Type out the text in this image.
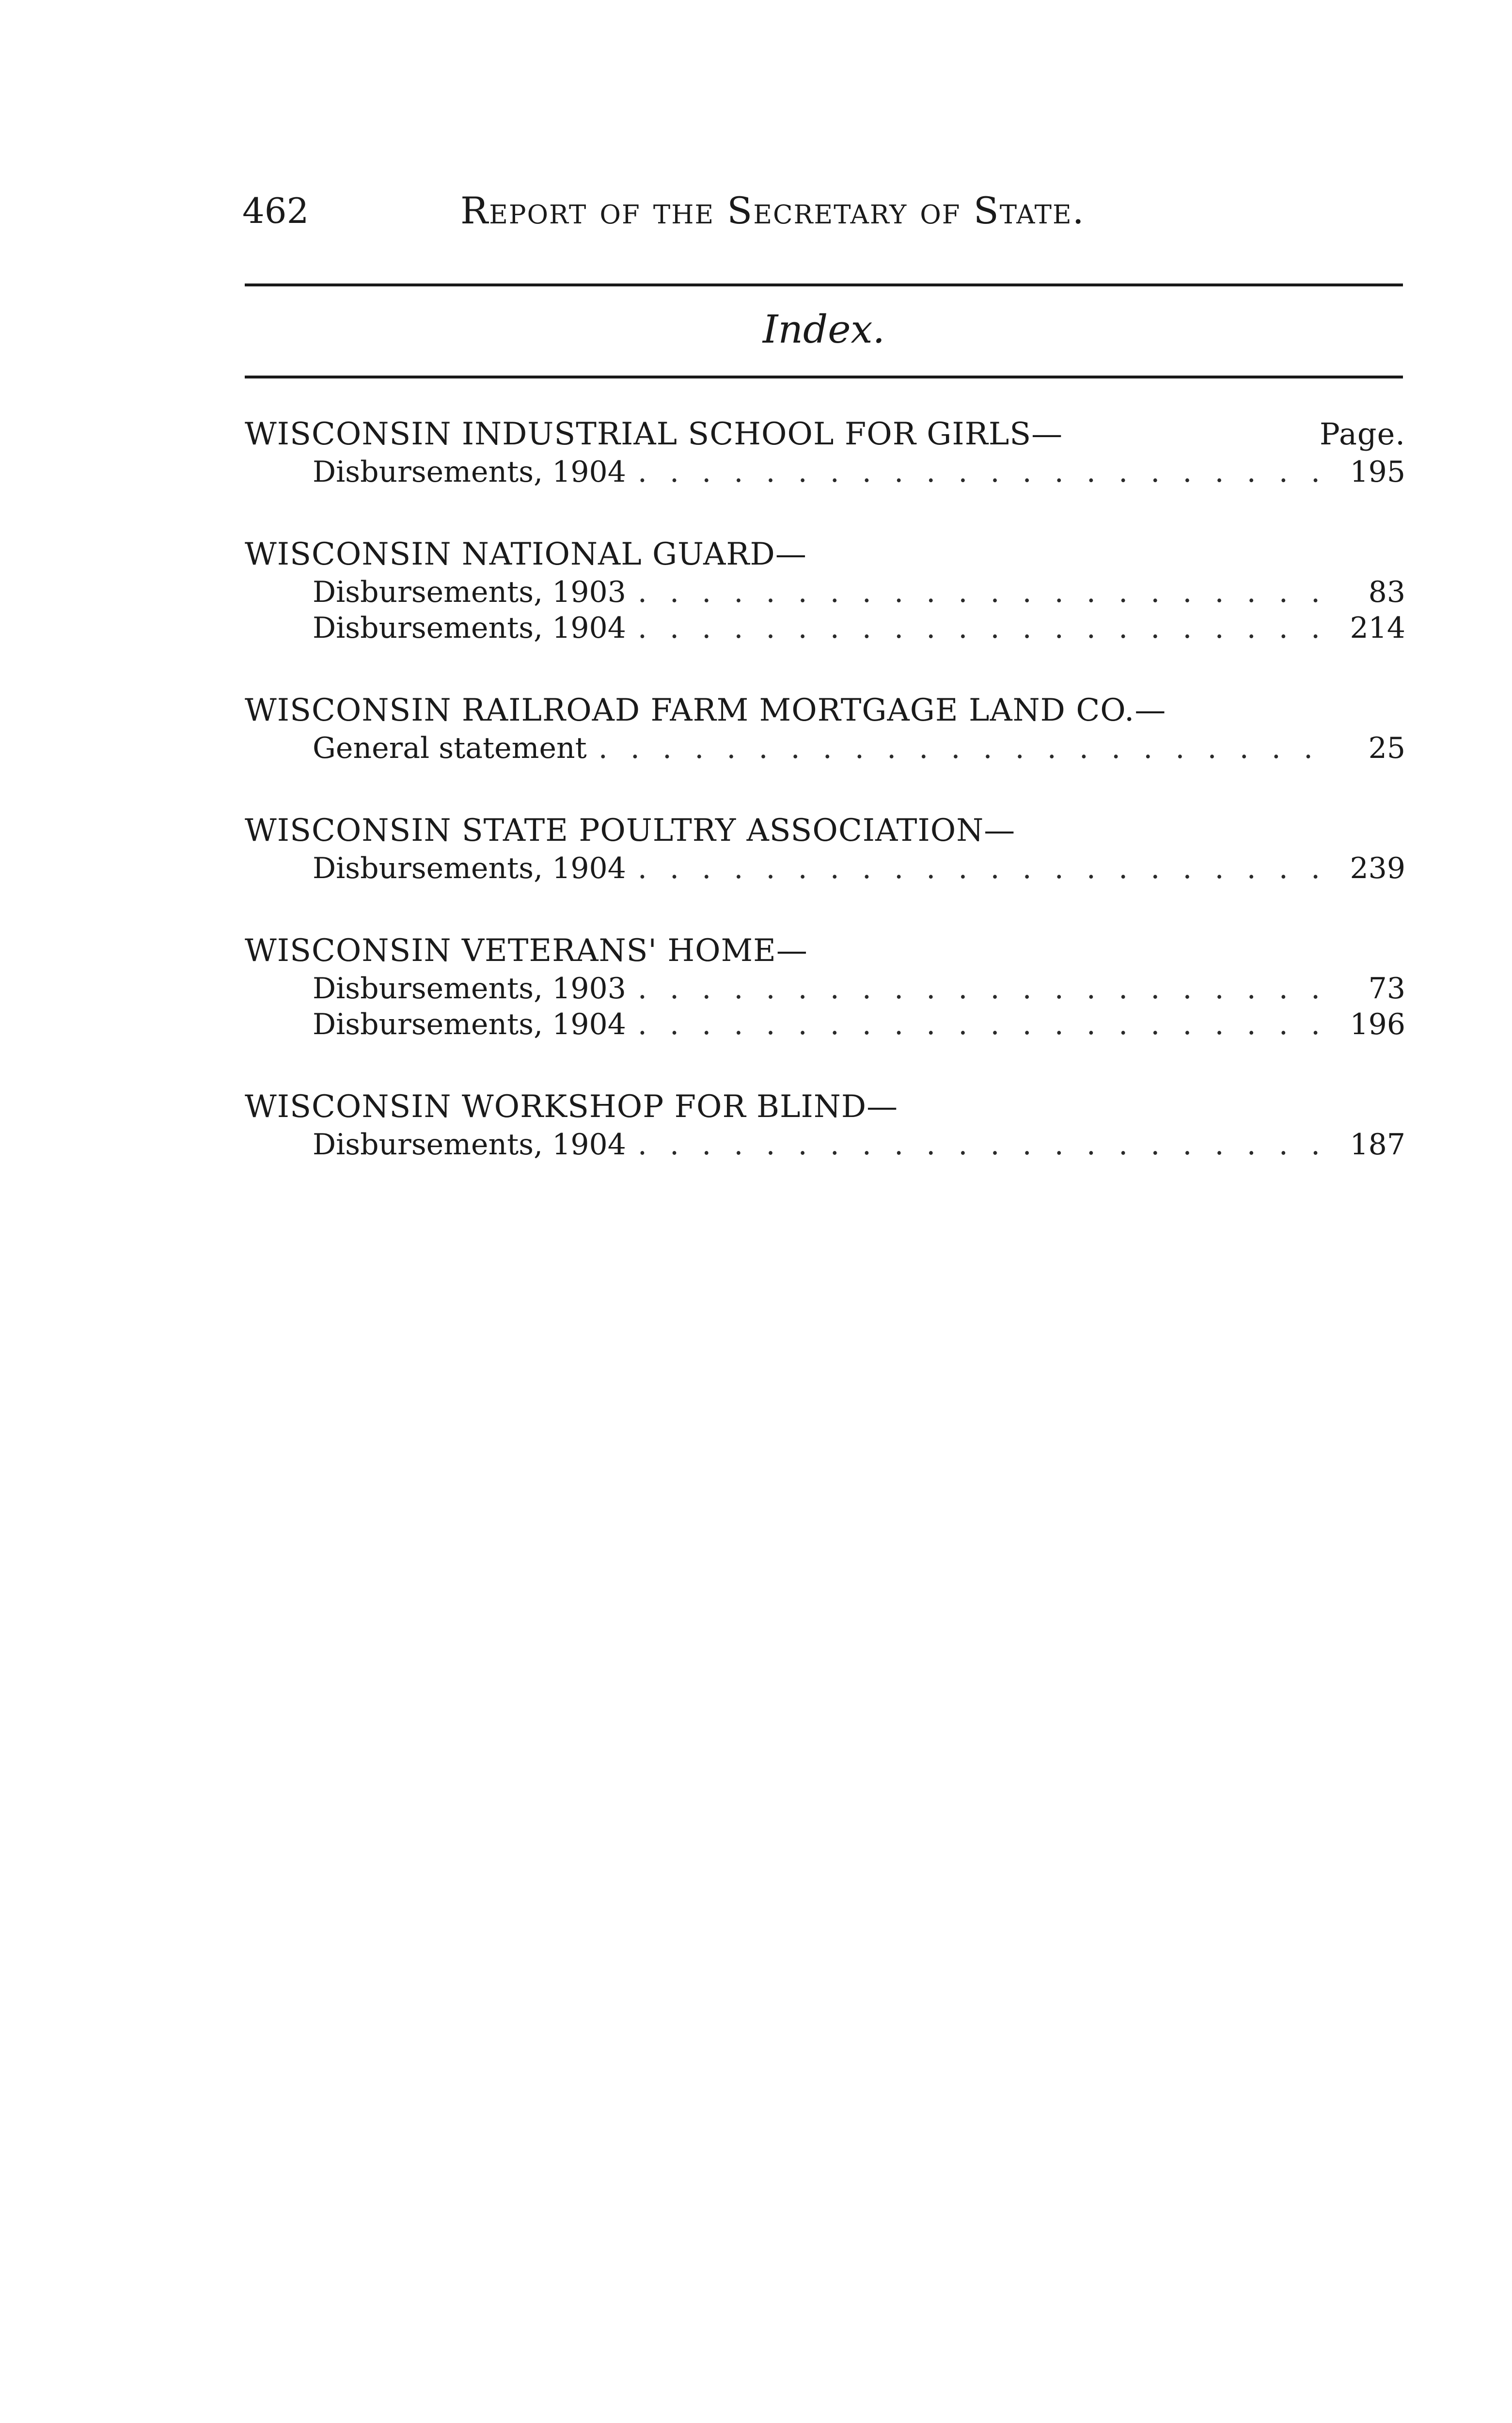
462	Report of the Secretary of State.
Index.
WISCONSIN INDUSTRIAL SCHOOL FOR GIRLS—	Page.
Disbursements, 1904 . . .	195
WISCONSIN NATIONAL GUARD—
Disbursements, 1903 . . .	83
Disbursements, 1904 . . .	214
WISCONSIN RAILROAD FARM MORTGAGE LAND CO.—
General statement . . .	25
WISCONSIN STATE POULTRY ASSOCIATION—
Disbursements, 1904 . . .	239
WISCONSIN VETERANS' HOME—
Disbursements, 1903 . . .	73
Disbursements, 1904 . . .	196
WISCONSIN WORKSHOP FOR BLIND—
Disbursements, 1904 . . .	187
